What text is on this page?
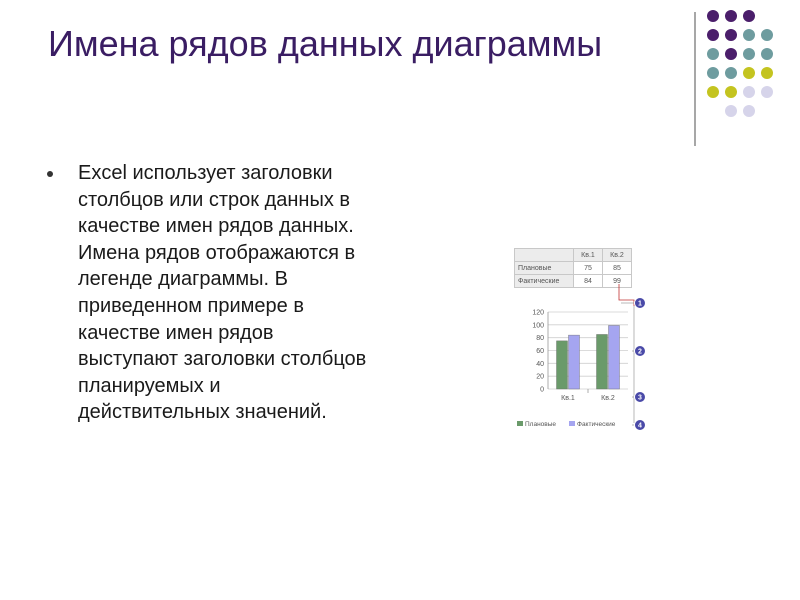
Имена рядов данных диаграммы
Excel использует заголовки столбцов или строк данных в качестве имен рядов данных. Имена рядов отображаются в легенде диаграммы. В приведенном примере в качестве имен рядов выступают заголовки столбцов планируемых и действительных значений.
	Кв.1	Кв.2
Плановые	75	85
Фактические	84	99
0
20
40
60
80
100
120
Кв.1	Кв.2
Плановые	Фактические
1
2
3
4
